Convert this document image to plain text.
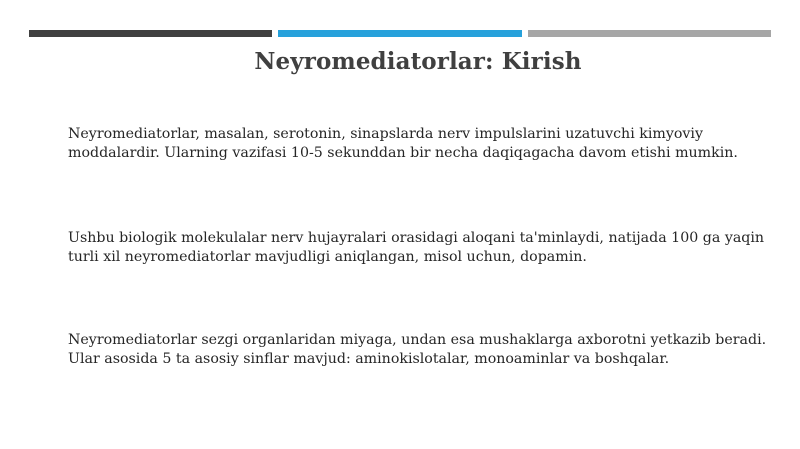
Neyromediatorlar: Kirish
Neyromediatorlar, masalan, serotonin, sinapslarda nerv impulslarini uzatuvchi kimyoviy moddalardir. Ularning vazifasi 10-5 sekunddan bir necha daqiqagacha davom etishi mumkin.
Ushbu biologik molekulalar nerv hujayralari orasidagi aloqani ta'minlaydi, natijada 100 ga yaqin turli xil neyromediatorlar mavjudligi aniqlangan, misol uchun, dopamin.
Neyromediatorlar sezgi organlaridan miyaga, undan esa mushaklarga axborotni yetkazib beradi. Ular asosida 5 ta asosiy sinflar mavjud: aminokislotalar, monoaminlar va boshqalar.
